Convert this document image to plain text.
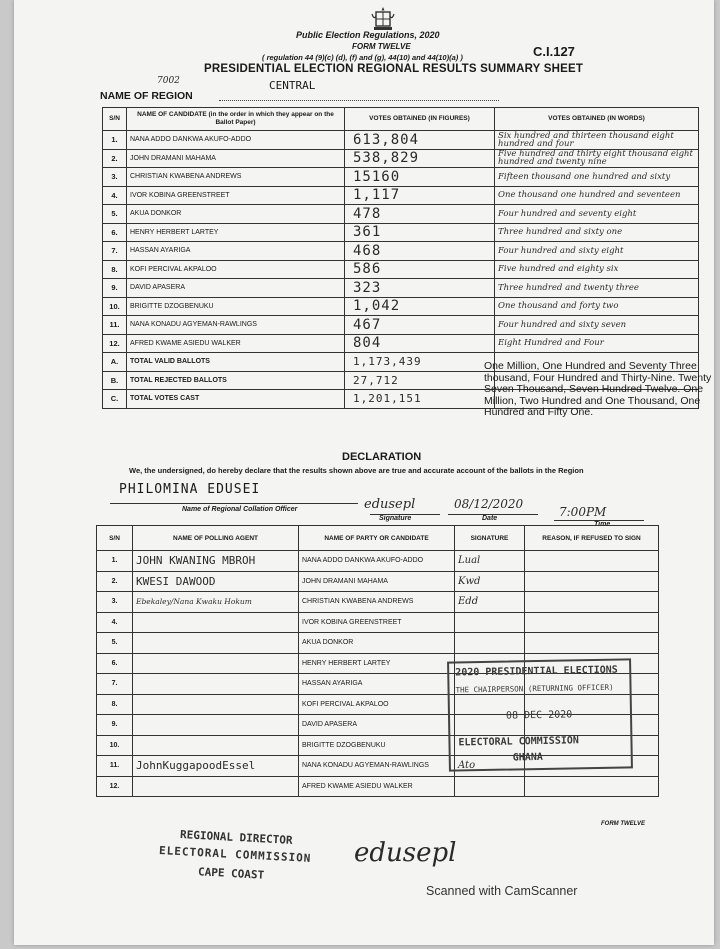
Public Election Regulations, 2020
FORM TWELVE
( regulation 44 (9)(c) (d), (f) and (g), 44(10) and 44(10)(a) )	C.I.127
PRESIDENTIAL ELECTION REGIONAL RESULTS SUMMARY SHEET
7002	CENTRAL
NAME OF REGION
S/N	NAME OF CANDIDATE (in the order in which they appear on the Ballot Paper)	VOTES OBTAINED (IN FIGURES)	VOTES OBTAINED (IN WORDS)
1.	NANA ADDO DANKWA AKUFO-ADDO	613,804	Six hundred and thirteen thousand eight hundred and four
2.	JOHN DRAMANI MAHAMA	538,829	Five hundred and thirty eight thousand eight hundred and twenty nine
3.	CHRISTIAN KWABENA ANDREWS	15160	Fifteen thousand one hundred and sixty
4.	IVOR KOBINA GREENSTREET	1,117	One thousand one hundred and seventeen
5.	AKUA DONKOR	478	Four hundred and seventy eight
6.	HENRY HERBERT LARTEY	361	Three hundred and sixty one
7.	HASSAN AYARIGA	468	Four hundred and sixty eight
8.	KOFI PERCIVAL AKPALOO	586	Five hundred and eighty six
9.	DAVID APASERA	323	Three hundred and twenty three
10.	BRIGITTE DZOGBENUKU	1,042	One thousand and forty two
11.	NANA KONADU AGYEMAN-RAWLINGS	467	Four hundred and sixty seven
12.	AFRED KWAME ASIEDU WALKER	804	Eight Hundred and Four
A.	TOTAL VALID BALLOTS	1,173,439	
B.	TOTAL REJECTED BALLOTS	27,712	
C.	TOTAL VOTES CAST	1,201,151	
One Million, One Hundred and Seventy Three thousand, Four Hundred and Thirty-Nine. Twenty Seven Thousand, Seven Hundred Twelve. One Million, Two Hundred and One Thousand, One Hundred and Fifty One.
DECLARATION
We, the undersigned, do hereby declare that the results shown above are true and accurate account of the ballots in the Region
PHILOMINA EDUSEI
Name of Regional Collation Officer	edusepl
Signature
08/12/2020
Date	7:00PM
Time
S/N	NAME OF POLLING AGENT	NAME OF PARTY OR CANDIDATE	SIGNATURE	REASON, IF REFUSED TO SIGN
1.	JOHN KWANING MBROH	NANA ADDO DANKWA AKUFO-ADDO	Lual	
2.	KWESI DAWOOD	JOHN DRAMANI MAHAMA	Kwd	
3.	Ebekaley/Nana Kwaku Hokum	CHRISTIAN KWABENA ANDREWS	Edd	
4.		IVOR KOBINA GREENSTREET		
5.		AKUA DONKOR		
6.		HENRY HERBERT LARTEY		
7.		HASSAN AYARIGA		
8.		KOFI PERCIVAL AKPALOO		
9.		DAVID APASERA		
10.		BRIGITTE DZOGBENUKU		
11.	JohnKuggapoodEssel	NANA KONADU AGYEMAN-RAWLINGS	Ato	
12.		AFRED KWAME ASIEDU WALKER		
FORM TWELVE
2020 PRESIDENTIAL ELECTIONS
THE CHAIRPERSON (RETURNING OFFICER)
08 DEC 2020
ELECTORAL COMMISSION
GHANA
REGIONAL DIRECTOR
ELECTORAL COMMISSION
CAPE COAST
edusepl
Scanned with CamScanner
